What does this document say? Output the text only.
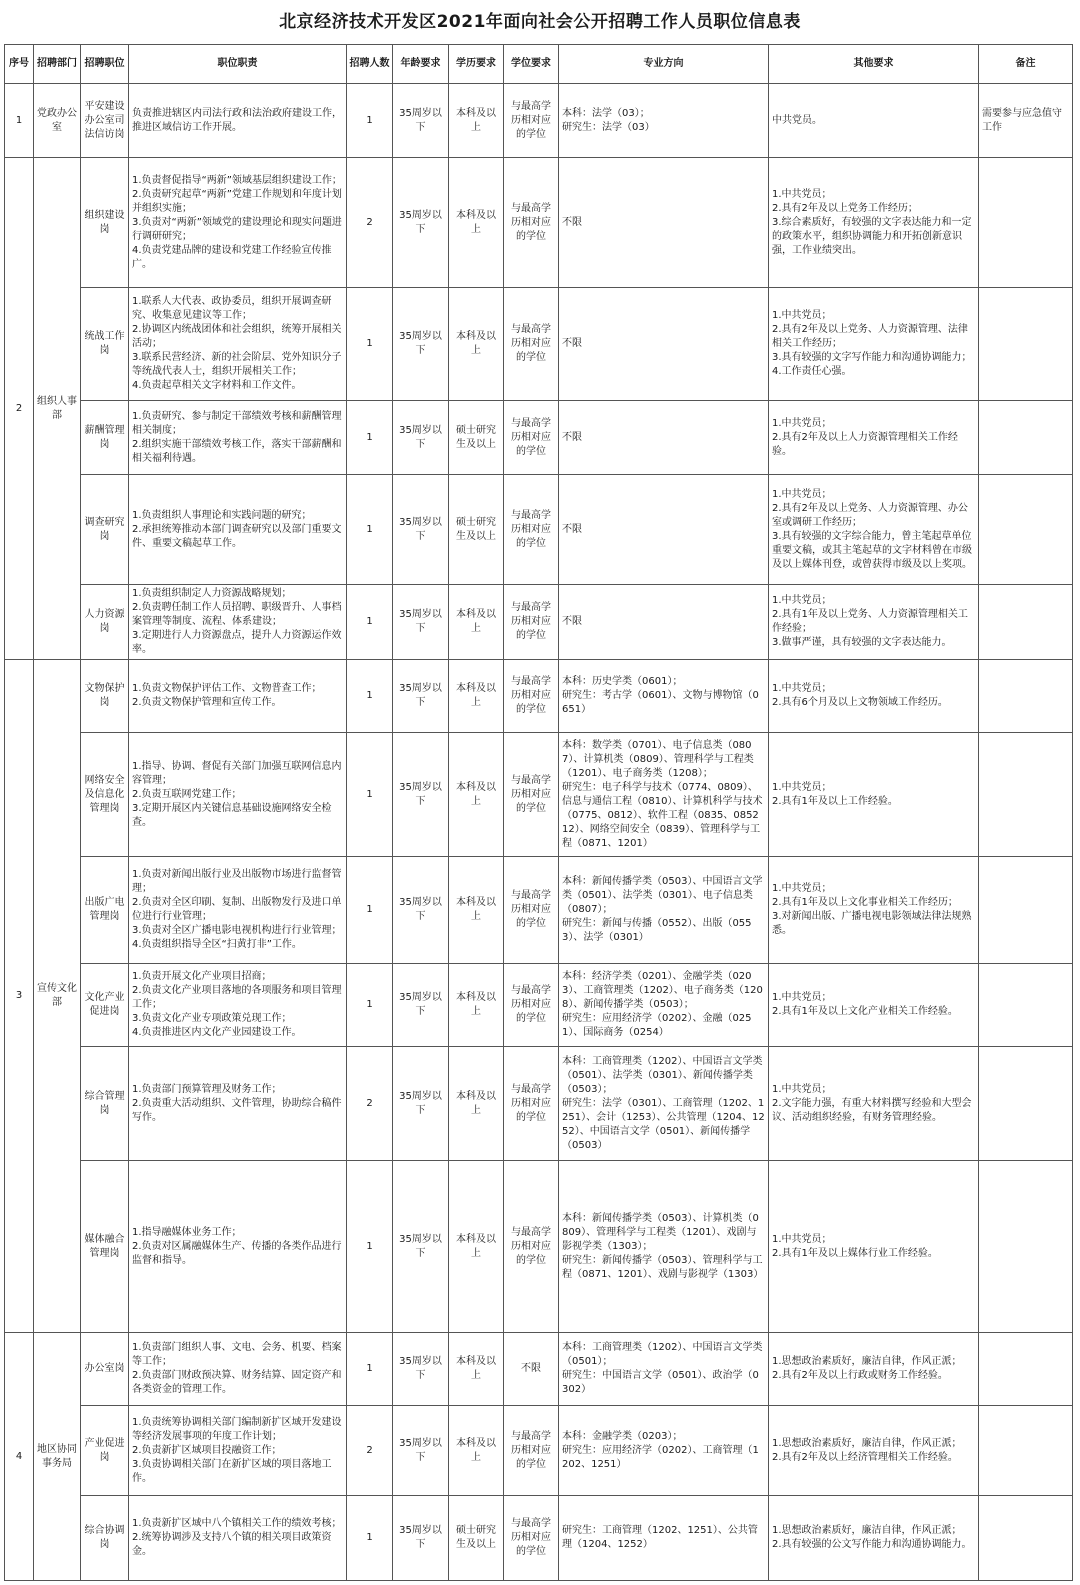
北京经济技术开发区2021年面向社会公开招聘工作人员职位信息表
序号	招聘部门	招聘职位	职位职责	招聘人数	年龄要求	学历要求	学位要求	专业方向	其他要求	备注
1	党政办公室	平安建设办公室司法信访岗	负责推进辖区内司法行政和法治政府建设工作，推进区域信访工作开展。	1	35周岁以下	本科及以上	与最高学历相对应的学位	本科：法学（03）；
研究生：法学（03）	中共党员。	需要参与应急值守工作
2	组织人事部	组织建设岗	1.负责督促指导“两新”领域基层组织建设工作；
2.负责研究起草“两新”党建工作规划和年度计划并组织实施；
3.负责对“两新”领域党的建设理论和现实问题进行调研研究；
4.负责党建品牌的建设和党建工作经验宣传推广。	2	35周岁以下	本科及以上	与最高学历相对应的学位	不限	1.中共党员；
2.具有2年及以上党务工作经历；
3.综合素质好，有较强的文字表达能力和一定的政策水平，组织协调能力和开拓创新意识强，工作业绩突出。	
		统战工作岗	1.联系人大代表、政协委员，组织开展调查研究、收集意见建议等工作；
2.协调区内统战团体和社会组织，统筹开展相关活动；
3.联系民营经济、新的社会阶层、党外知识分子等统战代表人士，组织开展相关工作；
4.负责起草相关文字材料和工作文件。	1	35周岁以下	本科及以上	与最高学历相对应的学位	不限	1.中共党员；
2.具有2年及以上党务、人力资源管理、法律相关工作经历；
3.具有较强的文字写作能力和沟通协调能力；
4.工作责任心强。	
		薪酬管理岗	1.负责研究、参与制定干部绩效考核和薪酬管理相关制度；
2.组织实施干部绩效考核工作，落实干部薪酬和相关福利待遇。	1	35周岁以下	硕士研究生及以上	与最高学历相对应的学位	不限	1.中共党员；
2.具有2年及以上人力资源管理相关工作经验。	
		调查研究岗	1.负责组织人事理论和实践问题的研究；
2.承担统筹推动本部门调查研究以及部门重要文件、重要文稿起草工作。	1	35周岁以下	硕士研究生及以上	与最高学历相对应的学位	不限	1.中共党员；
2.具有2年及以上党务、人力资源管理、办公室或调研工作经历；
3.具有较强的文字综合能力，曾主笔起草单位重要文稿，或其主笔起草的文字材料曾在市级及以上媒体刊登，或曾获得市级及以上奖项。	
		人力资源岗	1.负责组织制定人力资源战略规划；
2.负责聘任制工作人员招聘、职级晋升、人事档案管理等制度、流程、体系建设；
3.定期进行人力资源盘点，提升人力资源运作效率。	1	35周岁以下	本科及以上	与最高学历相对应的学位	不限	1.中共党员；
2.具有1年及以上党务、人力资源管理相关工作经验；
3.做事严谨，具有较强的文字表达能力。	
3	宣传文化部	文物保护岗	1.负责文物保护评估工作、文物普查工作；
2.负责文物保护管理和宣传工作。	1	35周岁以下	本科及以上	与最高学历相对应的学位	本科：历史学类（0601）；
研究生：考古学（0601）、文物与博物馆（0651）	1.中共党员；
2.具有6个月及以上文物领域工作经历。	
		网络安全及信息化管理岗	1.指导、协调、督促有关部门加强互联网信息内容管理；
2.负责互联网党建工作；
3.定期开展区内关键信息基础设施网络安全检查。	1	35周岁以下	本科及以上	与最高学历相对应的学位	本科：数学类（0701）、电子信息类（0807）、计算机类（0809）、管理科学与工程类（1201）、电子商务类（1208）；
研究生：电子科学与技术（0774、0809）、信息与通信工程（0810）、计算机科学与技术（0775、0812）、软件工程（0835、085212）、网络空间安全（0839）、管理科学与工程（0871、1201）	1.中共党员；
2.具有1年及以上工作经验。	
		出版广电管理岗	1.负责对新闻出版行业及出版物市场进行监督管理；
2.负责对全区印刷、复制、出版物发行及进口单位进行行业管理；
3.负责对全区广播电影电视机构进行行业管理；
4.负责组织指导全区“扫黄打非”工作。	1	35周岁以下	本科及以上	与最高学历相对应的学位	本科：新闻传播学类（0503）、中国语言文学类（0501）、法学类（0301）、电子信息类（0807）；
研究生：新闻与传播（0552）、出版（0553）、法学（0301）	1.中共党员；
2.具有1年及以上文化事业相关工作经历；
3.对新闻出版、广播电视电影领域法律法规熟悉。	
		文化产业促进岗	1.负责开展文化产业项目招商；
2.负责文化产业项目落地的各项服务和项目管理工作；
3.负责文化产业专项政策兑现工作；
4.负责推进区内文化产业园建设工作。	1	35周岁以下	本科及以上	与最高学历相对应的学位	本科：经济学类（0201）、金融学类（0203）、工商管理类（1202）、电子商务类（1208）、新闻传播学类（0503）；
研究生：应用经济学（0202）、金融（0251）、国际商务（0254）	1.中共党员；
2.具有1年及以上文化产业相关工作经验。	
		综合管理岗	1.负责部门预算管理及财务工作；
2.负责重大活动组织、文件管理，协助综合稿件写作。	2	35周岁以下	本科及以上	与最高学历相对应的学位	本科：工商管理类（1202）、中国语言文学类（0501）、法学类（0301）、新闻传播学类（0503）；
研究生：法学（0301）、工商管理（1202、1251）、会计（1253）、公共管理（1204、1252）、中国语言文学（0501）、新闻传播学（0503）	1.中共党员；
2.文字能力强，有重大材料撰写经验和大型会议、活动组织经验，有财务管理经验。	
		媒体融合管理岗	1.指导融媒体业务工作；
2.负责对区属融媒体生产、传播的各类作品进行监督和指导。	1	35周岁以下	本科及以上	与最高学历相对应的学位	本科：新闻传播学类（0503）、计算机类（0809）、管理科学与工程类（1201）、戏剧与影视学类（1303）；
研究生：新闻传播学（0503）、管理科学与工程（0871、1201）、戏剧与影视学（1303）	1.中共党员；
2.具有1年及以上媒体行业工作经验。	
4	地区协同事务局	办公室岗	1.负责部门组织人事、文电、会务、机要、档案等工作；
2.负责部门财政预决算、财务结算、固定资产和各类资金的管理工作。	1	35周岁以下	本科及以上	不限	本科：工商管理类（1202）、中国语言文学类（0501）；
研究生：中国语言文学（0501）、政治学（0302）	1.思想政治素质好，廉洁自律，作风正派；
2.具有2年及以上行政或财务工作经验。	
		产业促进岗	1.负责统筹协调相关部门编制新扩区域开发建设等经济发展事项的年度工作计划；
2.负责新扩区域项目投融资工作；
3.负责协调相关部门在新扩区域的项目落地工作。	2	35周岁以下	本科及以上	与最高学历相对应的学位	本科：金融学类（0203）；
研究生：应用经济学（0202）、工商管理（1202、1251）	1.思想政治素质好，廉洁自律，作风正派；
2.具有2年及以上经济管理相关工作经验。	
		综合协调岗	1.负责新扩区域中八个镇相关工作的绩效考核；
2.统筹协调涉及支持八个镇的相关项目政策资金。	1	35周岁以下	硕士研究生及以上	与最高学历相对应的学位	研究生：工商管理（1202、1251）、公共管理（1204、1252）	1.思想政治素质好，廉洁自律，作风正派；
2.具有较强的公文写作能力和沟通协调能力。	
